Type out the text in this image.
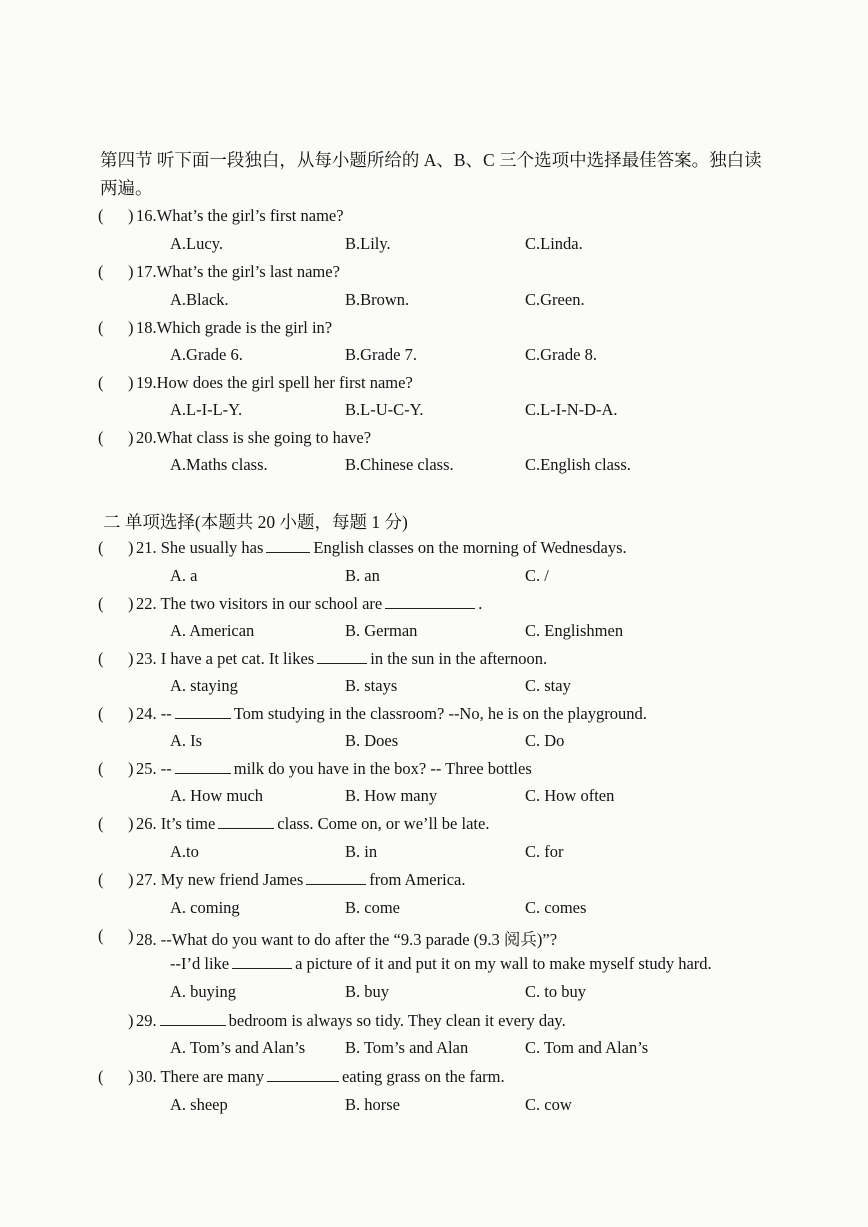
第四节 听下面一段独白，从每小题所给的 A、B、C 三个选项中选择最佳答案。独白读
两遍。
( ) 16.What’s the girl’s first name?
A.Lucy.	B.Lily.	C.Linda.
( ) 17.What’s the girl’s last name?
A.Black.	B.Brown.	C.Green.
( ) 18.Which grade is the girl in?
A.Grade 6.	B.Grade 7.	C.Grade 8.
( ) 19.How does the girl spell her first name?
A.L-I-L-Y.	B.L-U-C-Y.	C.L-I-N-D-A.
( ) 20.What class is she going to have?
A.Maths class.	B.Chinese class.	C.English class.
二 单项选择(本题共 20 小题，每题 1 分)
( ) 21. She usually has	English classes on the morning of Wednesdays.
A. a	B. an	C. /
( ) 22. The two visitors in our school are	.
A. American	B. German	C. Englishmen
( ) 23. I have a pet cat. It likes	in the sun in the afternoon.
A. staying	B. stays	C. stay
( ) 24. --	Tom studying in the classroom? --No, he is on the playground.
A. Is	B. Does	C. Do
( ) 25. --	milk do you have in the box? -- Three bottles
A. How much	B. How many	C. How often
( ) 26. It’s time	class. Come on, or we’ll be late.
A.to	B. in	C. for
( ) 27. My new friend James	from America.
A. coming	B. come	C. comes
( ) 28. --What do you want to do after the “9.3 parade (9.3 阅兵)”?
--I’d like	a picture of it and put it on my wall to make myself study hard.
A. buying	B. buy	C. to buy
) 29.	bedroom is always so tidy. They clean it every day.
A. Tom’s and Alan’s B. Tom’s and Alan	C. Tom and Alan’s
( ) 30. There are many	eating grass on the farm.
A. sheep	B. horse	C. cow
